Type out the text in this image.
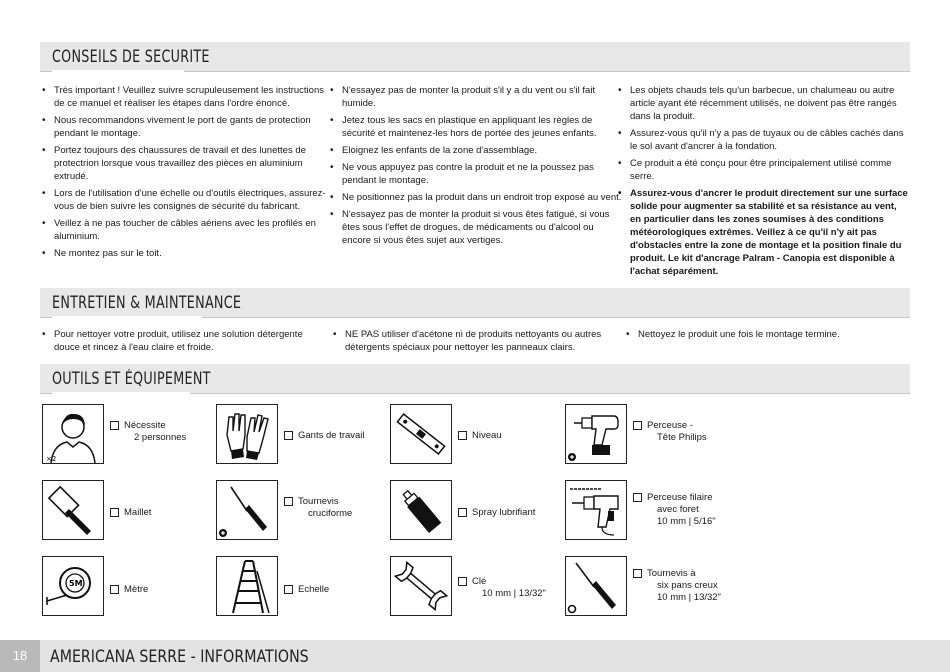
CONSEILS DE SECURITE
• Très important ! Veuillez suivre scrupuleusement les instructions de ce manuel et réaliser les étapes dans l'ordre énoncé.
• Nous recommandons vivement le port de gants de protection pendant le montage.
• Portez toujours des chaussures de travail et des lunettes de protectrion lorsque vous travaillez des pièces en aluminium extrudé.
• Lors de l'utilisation d'une échelle ou d'outils électriques, assurez-vous de bien suivre les consignes de sécurité du fabricant.
• Veillez à ne pas toucher de câbles aériens avec les profilés en aluminium.
• Ne montez pas sur le toit.
• N'essayez pas de monter la produit s'il y a du vent ou s'il fait humide.
• Jetez tous les sacs en plastique en appliquant les règles de sécurité et maintenez-les hors de portée des jeunes enfants.
• Eloignez les enfants de la zone d'assemblage.
• Ne vous appuyez pas contre la produit et ne la poussez pas pendant le montage.
• Ne positionnez pas la produit dans un endroit trop exposé au vent.
• N'essayez pas de monter la produit si vous êtes fatigué, si vous êtes sous l'effet de drogues, de médicaments ou d'alcool ou encore si vous êtes sujet aux vertiges.
• Les objets chauds tels qu'un barbecue, un chalumeau ou autre article ayant été récemment utilisés, ne doivent pas être rangés dans la produit.
• Assurez-vous qu'il n'y a pas de tuyaux ou de câbles cachés dans le sol avant d'ancrer à la fondation.
• Ce produit a été conçu pour être principalement utilisé comme serre.
• Assurez-vous d'ancrer le produit directement sur une surface solide pour augmenter sa stabilité et sa résistance au vent, en particulier dans les zones soumises à des conditions météorologiques extrêmes. Veillez à ce qu'il n'y ait pas d'obstacles entre la zone de montage et la position finale du produit. Le kit d'ancrage Palram - Canopia est disponible à l'achat séparément.
ENTRETIEN & MAINTENANCE
• Pour nettoyer votre produit, utilisez une solution détergente douce et rincez à l'eau claire et froide.
• NE PAS utiliser d'acétone ni de produits nettoyants ou autres détergents spéciaux pour nettoyer les panneaux clairs.
• Nettoyez le produit une fois le montage termine.
OUTILS ET ÉQUIPEMENT
×2
Nécessite
2 personnes	Gants de travail	Niveau
Perceuse -
Tête Philips
Maillet
Tournevis
cruciforme	Spray lubrifiant
Perceuse filaire
avec foret
10 mm | 5/16"
5M
Mètre	Echelle
Clé
10 mm | 13/32"
Tournevis à
six pans creux
10 mm | 13/32"
18	AMERICANA SERRE - INFORMATIONS
